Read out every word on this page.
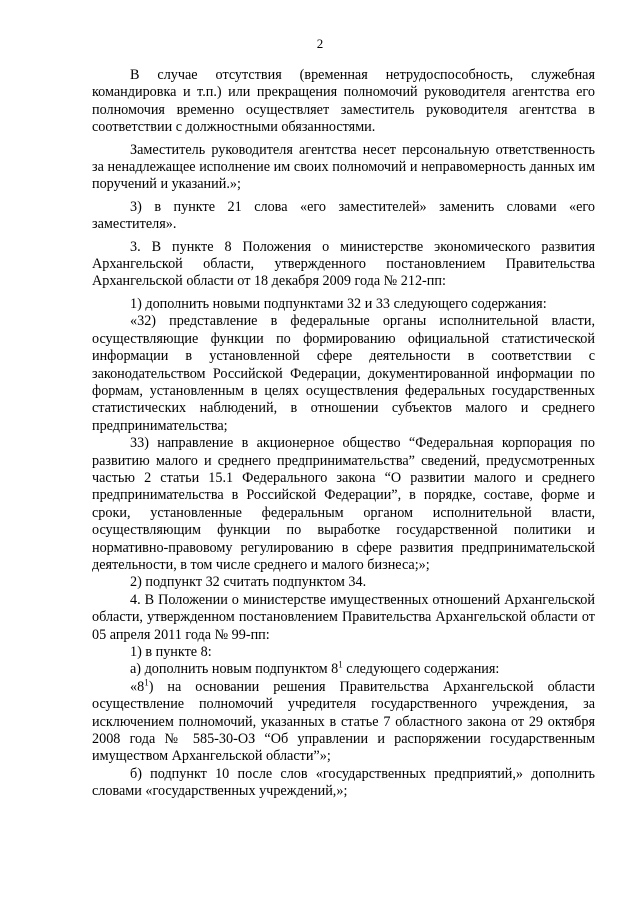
2

В случае отсутствия (временная нетрудоспособность, служебная командировка и т.п.) или прекращения полномочий руководителя агентства его полномочия временно осуществляет заместитель руководителя агентства в соответствии с должностными обязанностями.

Заместитель руководителя агентства несет персональную ответственность за ненадлежащее исполнение им своих полномочий и неправомерность данных им поручений и указаний.»;

3) в пункте 21 слова «его заместителей» заменить словами «его заместителя».

3. В пункте 8 Положения о министерстве экономического развития Архангельской области, утвержденного постановлением Правительства Архангельской области от 18 декабря 2009 года № 212-пп:

1) дополнить новыми подпунктами 32 и 33 следующего содержания:

«32) представление в федеральные органы исполнительной власти, осуществляющие функции по формированию официальной статистической информации в установленной сфере деятельности в соответствии с законодательством Российской Федерации, документированной информации по формам, установленным в целях осуществления федеральных государственных статистических наблюдений, в отношении субъектов малого и среднего предпринимательства;

33) направление в акционерное общество “Федеральная корпорация по развитию малого и среднего предпринимательства” сведений, предусмотренных частью 2 статьи 15.1 Федерального закона “О развитии малого и среднего предпринимательства в Российской Федерации”, в порядке, составе, форме и сроки, установленные федеральным органом исполнительной власти, осуществляющим функции по выработке государственной политики и нормативно-правовому регулированию в сфере развития предпринимательской деятельности, в том числе среднего и малого бизнеса;»;

2) подпункт 32 считать подпунктом 34.

4. В Положении о министерстве имущественных отношений Архангельской области, утвержденном постановлением Правительства Архангельской области от 05 апреля 2011 года № 99-пп:

1) в пункте 8:

а) дополнить новым подпунктом $8^1$ следующего содержания:

«$8^1$) на основании решения Правительства Архангельской области осуществление полномочий учредителя государственного учреждения, за исключением полномочий, указанных в статье 7 областного закона от 29 октября 2008 года № 585-30-ОЗ “Об управлении и распоряжении государственным имуществом Архангельской области”»;

б) подпункт 10 после слов «государственных предприятий,» дополнить словами «государственных учреждений,»;
